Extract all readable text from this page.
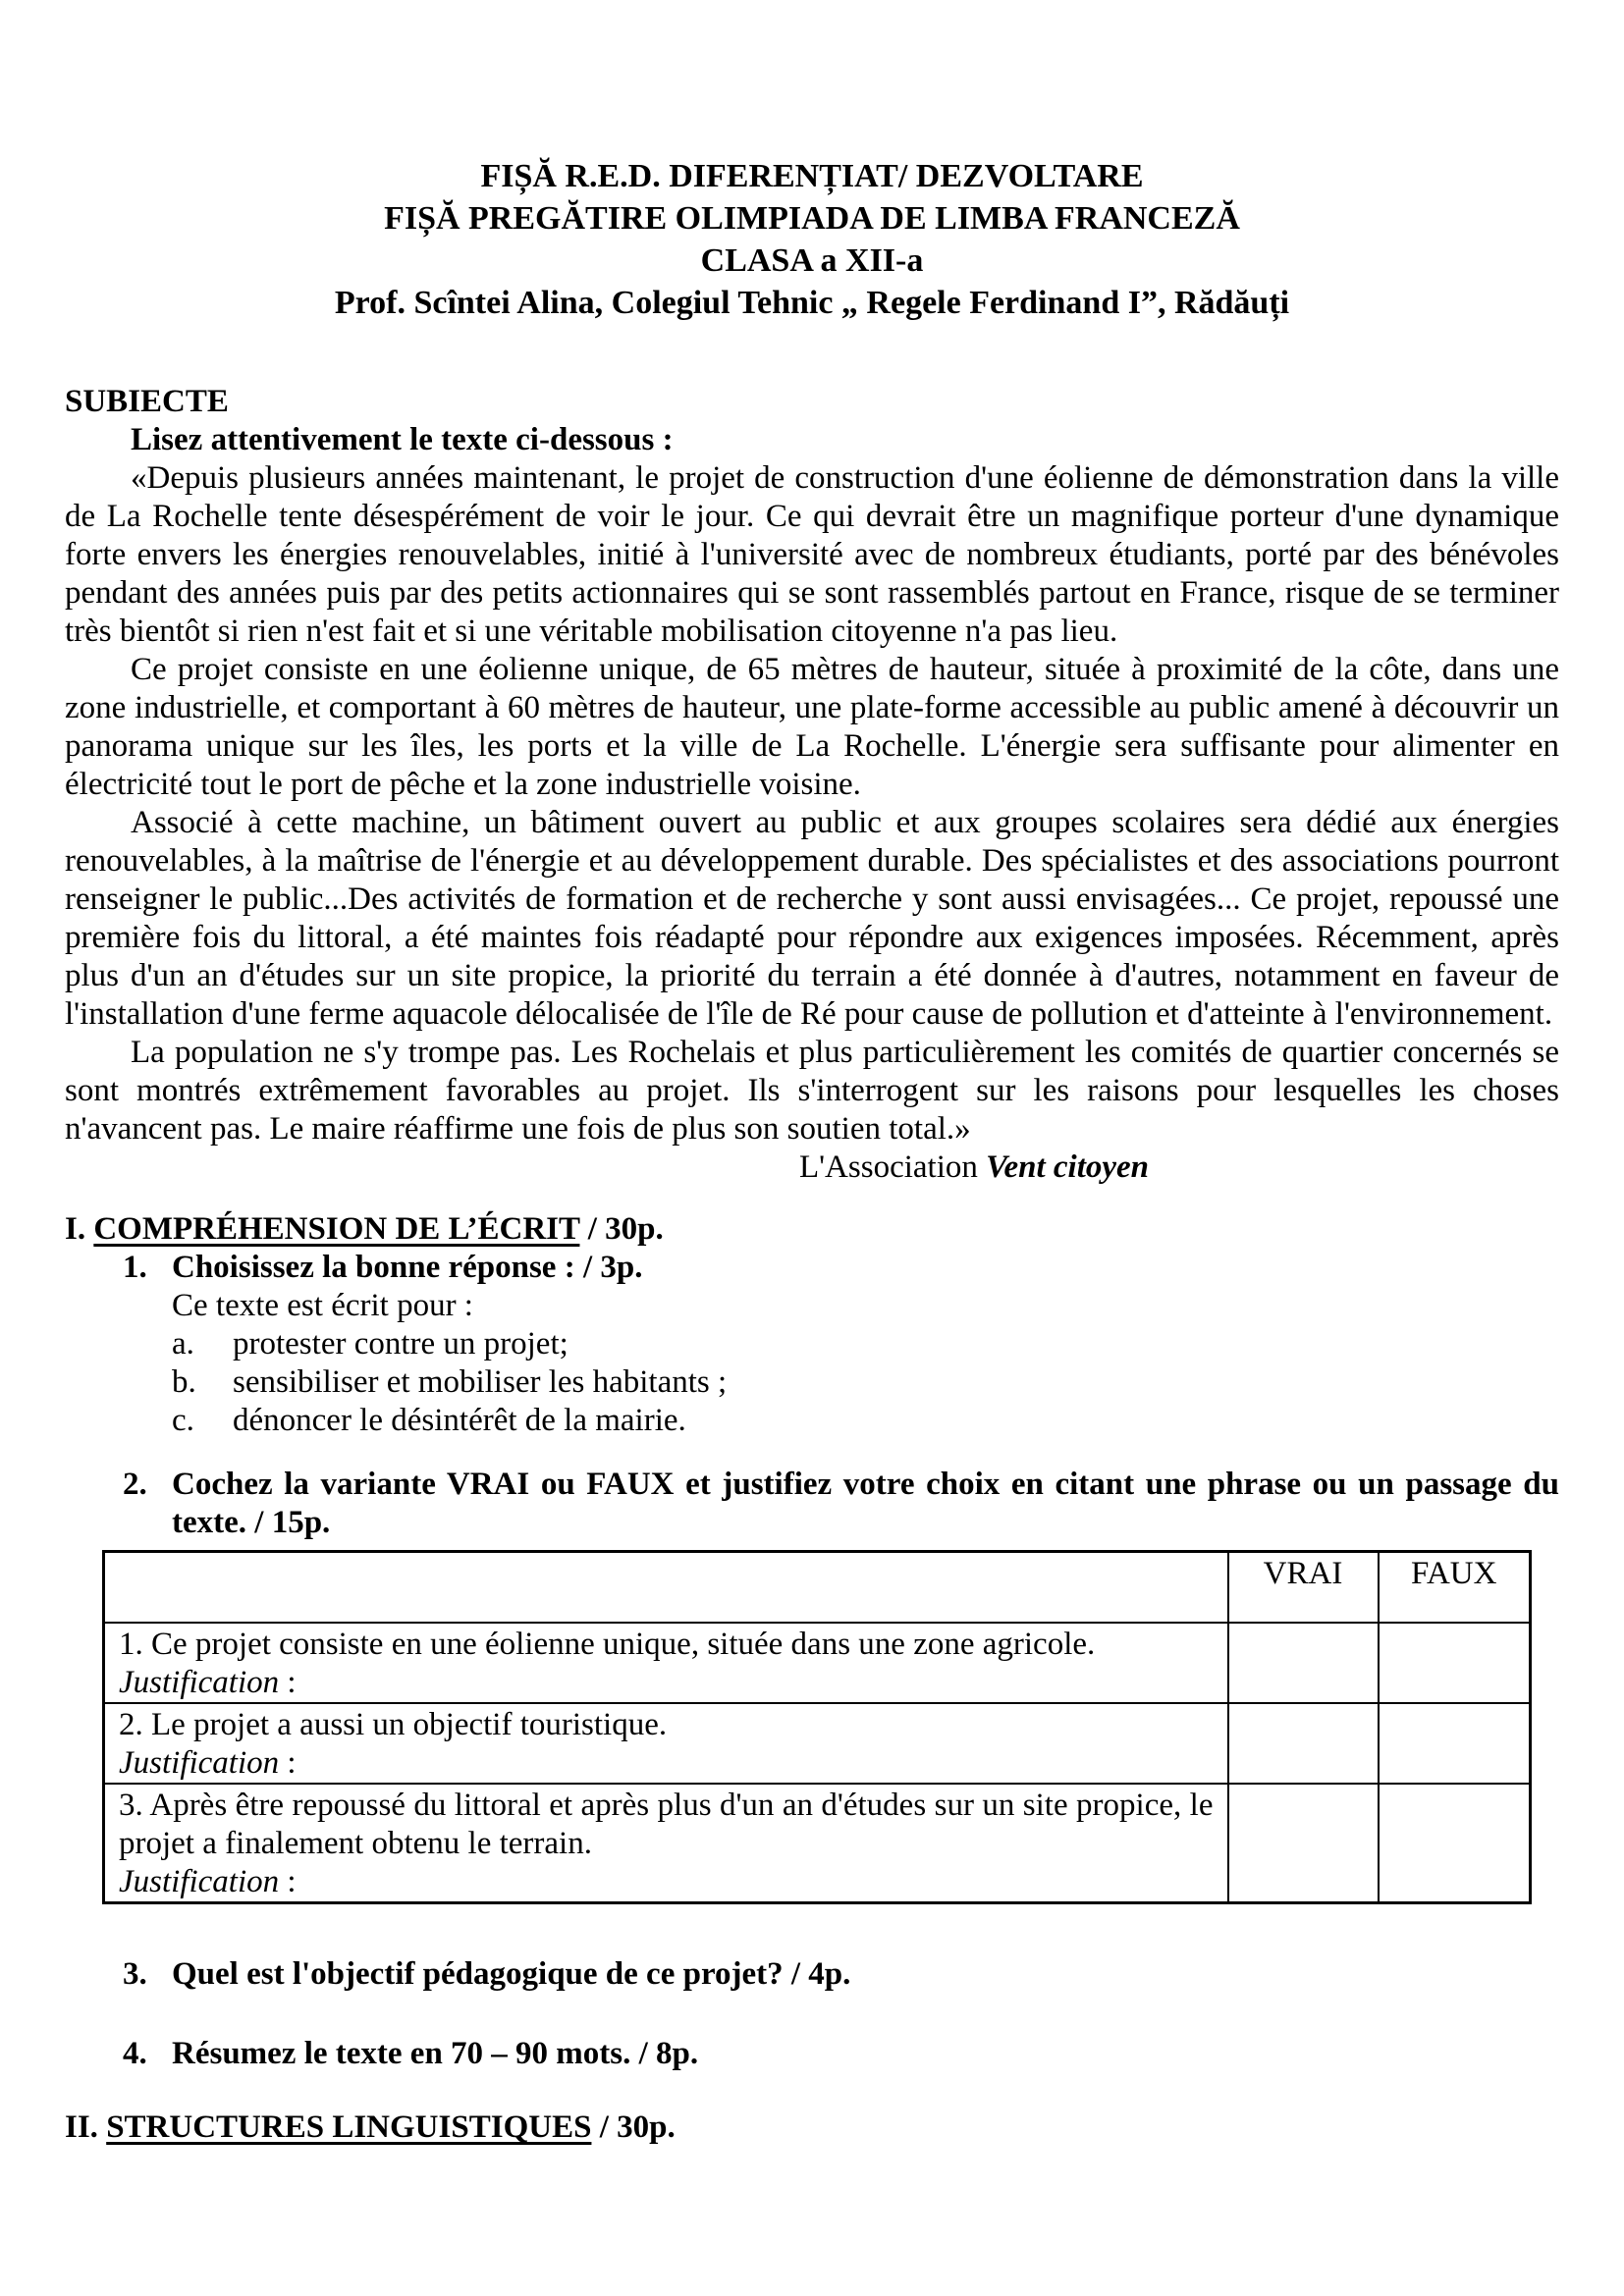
FIȘĂ R.E.D. DIFERENȚIAT/ DEZVOLTARE
FIȘĂ PREGĂTIRE OLIMPIADA DE LIMBA FRANCEZĂ
CLASA a XII-a
Prof. Scîntei Alina, Colegiul Tehnic „ Regele Ferdinand I”, Rădăuți
SUBIECTE
Lisez attentivement le texte ci-dessous :

«Depuis plusieurs années maintenant, le projet de construction d'une éolienne de démonstration dans la ville de La Rochelle tente désespérément de voir le jour. Ce qui devrait être un magnifique porteur d'une dynamique forte envers les énergies renouvelables, initié à l'université avec de nombreux étudiants, porté par des bénévoles pendant des années puis par des petits actionnaires qui se sont rassemblés partout en France, risque de se terminer très bientôt si rien n'est fait et si une véritable mobilisation citoyenne n'a pas lieu.

Ce projet consiste en une éolienne unique, de 65 mètres de hauteur, située à proximité de la côte, dans une zone industrielle, et comportant à 60 mètres de hauteur, une plate-forme accessible au public amené à découvrir un panorama unique sur les îles, les ports et la ville de La Rochelle. L'énergie sera suffisante pour alimenter en électricité tout le port de pêche et la zone industrielle voisine.

Associé à cette machine, un bâtiment ouvert au public et aux groupes scolaires sera dédié aux énergies renouvelables, à la maîtrise de l'énergie et au développement durable. Des spécialistes et des associations pourront renseigner le public...Des activités de formation et de recherche y sont aussi envisagées... Ce projet, repoussé une première fois du littoral, a été maintes fois réadapté pour répondre aux exigences imposées. Récemment, après plus d'un an d'études sur un site propice, la priorité du terrain a été donnée à d'autres, notamment en faveur de l'installation d'une ferme aquacole délocalisée de l'île de Ré pour cause de pollution et d'atteinte à l'environnement.

La population ne s'y trompe pas. Les Rochelais et plus particulièrement les comités de quartier concernés se sont montrés extrêmement favorables au projet. Ils s'interrogent sur les raisons pour lesquelles les choses n'avancent pas. Le maire réaffirme une fois de plus son soutien total.»

L'Association Vent citoyen
I. COMPRÉHENSION DE L’ÉCRIT / 30p.
1. Choisissez la bonne réponse : / 3p.
Ce texte est écrit pour :
a.	protester contre un projet;
b.	sensibiliser et mobiliser les habitants ;
c.	dénoncer le désintérêt de la mairie.
2. Cochez la variante VRAI ou FAUX et justifiez votre choix en citant une phrase ou un passage du texte. / 15p.
	VRAI	FAUX

1. Ce projet consiste en une éolienne unique, située dans une zone agricole.
Justification :		

2. Le projet a aussi un objectif touristique.
Justification :		

3. Après être repoussé du littoral et après plus d'un an d'études sur un site propice, le projet a finalement obtenu le terrain.
Justification :		

3. Quel est l'objectif pédagogique de ce projet? / 4p.
4. Résumez le texte en 70 – 90 mots. / 8p.
II. STRUCTURES LINGUISTIQUES / 30p.
